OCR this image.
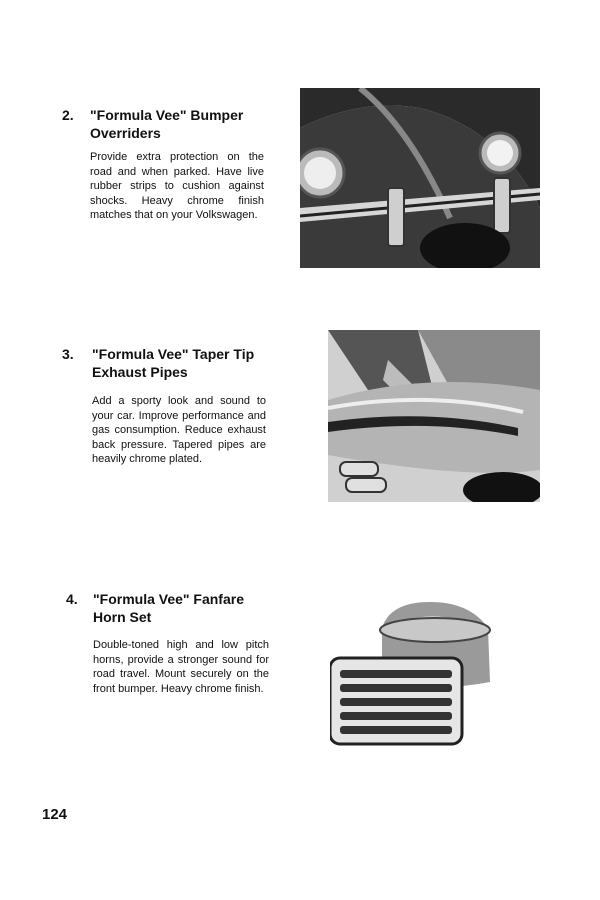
2. "Formula Vee" Bumper
Overriders
Provide extra protection on the road and when parked. Have live rubber strips to cushion against shocks. Heavy chrome finish matches that on your Volkswagen.
3. "Formula Vee" Taper Tip
Exhaust Pipes
Add a sporty look and sound to your car. Improve performance and gas consumption. Reduce exhaust back pressure. Tapered pipes are heavily chrome plated.
4. "Formula Vee" Fanfare
Horn Set
Double-toned high and low pitch horns, provide a stronger sound for road travel. Mount securely on the front bumper. Heavy chrome finish.
124
